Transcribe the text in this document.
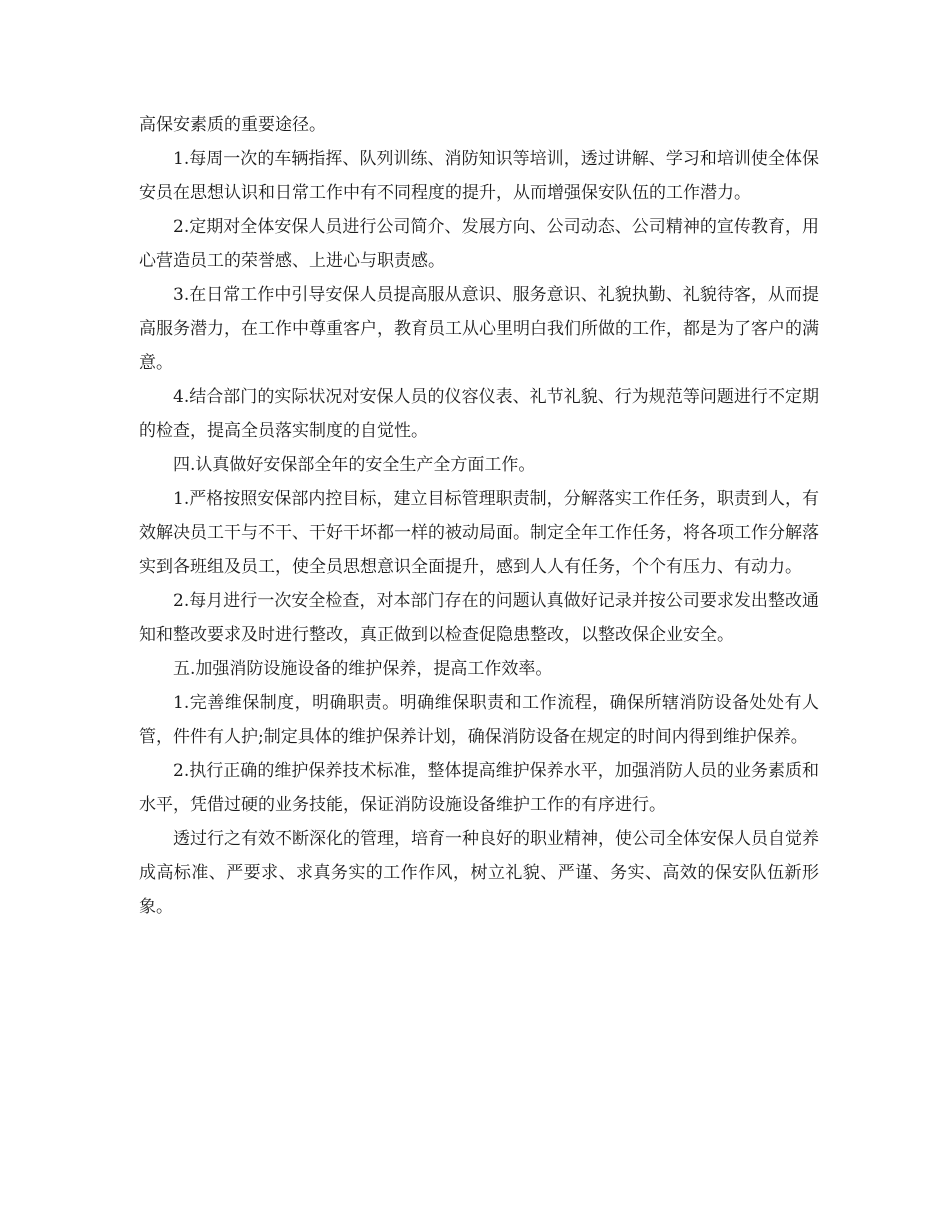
高保安素质的重要途径。

1.每周一次的车辆指挥、队列训练、消防知识等培训，透过讲解、学习和培训使全体保安员在思想认识和日常工作中有不同程度的提升，从而增强保安队伍的工作潜力。

2.定期对全体安保人员进行公司简介、发展方向、公司动态、公司精神的宣传教育，用心营造员工的荣誉感、上进心与职责感。

3.在日常工作中引导安保人员提高服从意识、服务意识、礼貌执勤、礼貌待客，从而提高服务潜力，在工作中尊重客户，教育员工从心里明白我们所做的工作，都是为了客户的满意。

4.结合部门的实际状况对安保人员的仪容仪表、礼节礼貌、行为规范等问题进行不定期的检查，提高全员落实制度的自觉性。

四.认真做好安保部全年的安全生产全方面工作。

1.严格按照安保部内控目标，建立目标管理职责制，分解落实工作任务，职责到人，有效解决员工干与不干、干好干坏都一样的被动局面。制定全年工作任务，将各项工作分解落实到各班组及员工，使全员思想意识全面提升，感到人人有任务，个个有压力、有动力。

2.每月进行一次安全检查，对本部门存在的问题认真做好记录并按公司要求发出整改通知和整改要求及时进行整改，真正做到以检查促隐患整改，以整改保企业安全。

五.加强消防设施设备的维护保养，提高工作效率。

1.完善维保制度，明确职责。明确维保职责和工作流程，确保所辖消防设备处处有人管，件件有人护;制定具体的维护保养计划，确保消防设备在规定的时间内得到维护保养。

2.执行正确的维护保养技术标准，整体提高维护保养水平，加强消防人员的业务素质和水平，凭借过硬的业务技能，保证消防设施设备维护工作的有序进行。

透过行之有效不断深化的管理，培育一种良好的职业精神，使公司全体安保人员自觉养成高标准、严要求、求真务实的工作作风，树立礼貌、严谨、务实、高效的保安队伍新形象。
